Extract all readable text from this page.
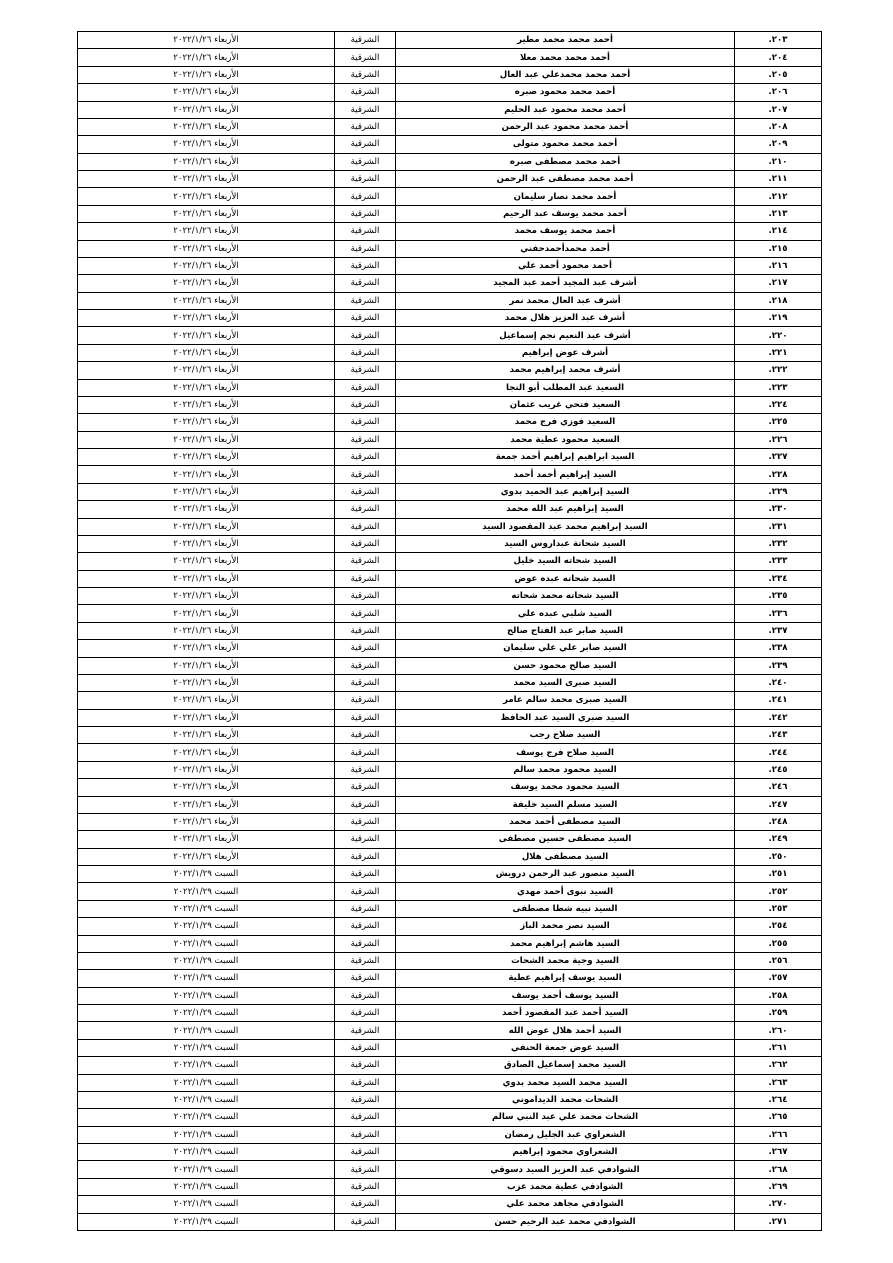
الأربعاء ٢٠٢٢/١/٢٦	الشرقية	أحمد محمد محمد مطير	.٢٠٣
الأربعاء ٢٠٢٢/١/٢٦	الشرقية	أحمد محمد محمد معلا	.٢٠٤
الأربعاء ٢٠٢٢/١/٢٦	الشرقية	أحمد محمد محمدعلي عبد العال	.٢٠٥
الأربعاء ٢٠٢٢/١/٢٦	الشرقية	أحمد محمد محمود صبره	.٢٠٦
الأربعاء ٢٠٢٢/١/٢٦	الشرقية	أحمد محمد محمود عبد الحليم	.٢٠٧
الأربعاء ٢٠٢٢/١/٢٦	الشرقية	أحمد محمد محمود عبد الرحمن	.٢٠٨
الأربعاء ٢٠٢٢/١/٢٦	الشرقية	أحمد محمد محمود متولى	.٢٠٩
الأربعاء ٢٠٢٢/١/٢٦	الشرقية	أحمد محمد مصطفى صبره	.٢١٠
الأربعاء ٢٠٢٢/١/٢٦	الشرقية	أحمد محمد مصطفى عبد الرحمن	.٢١١
الأربعاء ٢٠٢٢/١/٢٦	الشرقية	أحمد محمد نصار سليمان	.٢١٢
الأربعاء ٢٠٢٢/١/٢٦	الشرقية	أحمد محمد يوسف عبد الرحيم	.٢١٣
الأربعاء ٢٠٢٢/١/٢٦	الشرقية	أحمد محمد يوسف محمد	.٢١٤
الأربعاء ٢٠٢٢/١/٢٦	الشرقية	أحمد محمدأحمدحفني	.٢١٥
الأربعاء ٢٠٢٢/١/٢٦	الشرقية	أحمد محمود أحمد علي	.٢١٦
الأربعاء ٢٠٢٢/١/٢٦	الشرقية	أشرف عبد المجيد أحمد عبد المجيد	.٢١٧
الأربعاء ٢٠٢٢/١/٢٦	الشرقية	أشرف عبد العال محمد نمر	.٢١٨
الأربعاء ٢٠٢٢/١/٢٦	الشرقية	أشرف عبد العزيز هلال محمد	.٢١٩
الأربعاء ٢٠٢٢/١/٢٦	الشرقية	أشرف عبد النعيم نجم إسماعيل	.٢٢٠
الأربعاء ٢٠٢٢/١/٢٦	الشرقية	أشرف عوض إبراهيم	.٢٢١
الأربعاء ٢٠٢٢/١/٢٦	الشرقية	أشرف محمد إبراهيم محمد	.٢٢٢
الأربعاء ٢٠٢٢/١/٢٦	الشرقية	السعيد عبد المطلب أبو النجا	.٢٢٣
الأربعاء ٢٠٢٢/١/٢٦	الشرقية	السعيد فتحي غريب عثمان	.٢٢٤
الأربعاء ٢٠٢٢/١/٢٦	الشرقية	السعيد فوزي فرج محمد	.٢٢٥
الأربعاء ٢٠٢٢/١/٢٦	الشرقية	السعيد محمود عطية محمد	.٢٢٦
الأربعاء ٢٠٢٢/١/٢٦	الشرقية	السيد ابراهيم إبراهيم أحمد جمعة	.٢٢٧
الأربعاء ٢٠٢٢/١/٢٦	الشرقية	السيد إبراهيم أحمد أحمد	.٢٢٨
الأربعاء ٢٠٢٢/١/٢٦	الشرقية	السيد إبراهيم عبد الحميد بدوي	.٢٢٩
الأربعاء ٢٠٢٢/١/٢٦	الشرقية	السيد إبراهيم عبد الله محمد	.٢٣٠
الأربعاء ٢٠٢٢/١/٢٦	الشرقية	السيد إبراهيم محمد عبد المقصود السيد	.٢٣١
الأربعاء ٢٠٢٢/١/٢٦	الشرقية	السيد شحاتة عبداروس السيد	.٢٣٢
الأربعاء ٢٠٢٢/١/٢٦	الشرقية	السيد شحاته السيد خليل	.٢٣٣
الأربعاء ٢٠٢٢/١/٢٦	الشرقية	السيد شحاته عبده عوض	.٢٣٤
الأربعاء ٢٠٢٢/١/٢٦	الشرقية	السيد شحاته محمد شحاته	.٢٣٥
الأربعاء ٢٠٢٢/١/٢٦	الشرقية	السيد شلبي عبده علي	.٢٣٦
الأربعاء ٢٠٢٢/١/٢٦	الشرقية	السيد صابر عبد الفتاح صالح	.٢٣٧
الأربعاء ٢٠٢٢/١/٢٦	الشرقية	السيد صابر علي علي سليمان	.٢٣٨
الأربعاء ٢٠٢٢/١/٢٦	الشرقية	السيد صالح محمود حسن	.٢٣٩
الأربعاء ٢٠٢٢/١/٢٦	الشرقية	السيد صبرى السيد محمد	.٢٤٠
الأربعاء ٢٠٢٢/١/٢٦	الشرقية	السيد صبرى محمد سالم عامر	.٢٤١
الأربعاء ٢٠٢٢/١/٢٦	الشرقية	السيد صبري السيد عبد الحافظ	.٢٤٢
الأربعاء ٢٠٢٢/١/٢٦	الشرقية	السيد صلاح رجب	.٢٤٣
الأربعاء ٢٠٢٢/١/٢٦	الشرقية	السيد صلاح فرج يوسف	.٢٤٤
الأربعاء ٢٠٢٢/١/٢٦	الشرقية	السيد محمود محمد سالم	.٢٤٥
الأربعاء ٢٠٢٢/١/٢٦	الشرقية	السيد محمود محمد يوسف	.٢٤٦
الأربعاء ٢٠٢٢/١/٢٦	الشرقية	السيد مسلم السيد خليفة	.٢٤٧
الأربعاء ٢٠٢٢/١/٢٦	الشرقية	السيد مصطفى أحمد محمد	.٢٤٨
الأربعاء ٢٠٢٢/١/٢٦	الشرقية	السيد مصطفى حسين مصطفى	.٢٤٩
الأربعاء ٢٠٢٢/١/٢٦	الشرقية	السيد مصطفى هلال	.٢٥٠
السبت ٢٠٢٢/١/٢٩	الشرقية	السيد منصور عبد الرحمن درويش	.٢٥١
السبت ٢٠٢٢/١/٢٩	الشرقية	السيد نبوى أحمد مهدي	.٢٥٢
السبت ٢٠٢٢/١/٢٩	الشرقية	السيد نبيه شطا مصطفى	.٢٥٣
السبت ٢٠٢٢/١/٢٩	الشرقية	السيد نصر محمد الباز	.٢٥٤
السبت ٢٠٢٢/١/٢٩	الشرقية	السيد هاشم إبراهيم محمد	.٢٥٥
السبت ٢٠٢٢/١/٢٩	الشرقية	السيد وجية محمد الشحات	.٢٥٦
السبت ٢٠٢٢/١/٢٩	الشرقية	السيد يوسف إبراهيم عطية	.٢٥٧
السبت ٢٠٢٢/١/٢٩	الشرقية	السيد يوسف أحمد يوسف	.٢٥٨
السبت ٢٠٢٢/١/٢٩	الشرقية	السيد أحمد عبد المقصود أحمد	.٢٥٩
السبت ٢٠٢٢/١/٢٩	الشرقية	السيد أحمد هلال عوض الله	.٢٦٠
السبت ٢٠٢٢/١/٢٩	الشرقية	السيد عوض جمعة الحنفي	.٢٦١
السبت ٢٠٢٢/١/٢٩	الشرقية	السيد محمد إسماعيل الصادق	.٢٦٢
السبت ٢٠٢٢/١/٢٩	الشرقية	السيد محمد السيد محمد بدوي	.٢٦٣
السبت ٢٠٢٢/١/٢٩	الشرقية	الشحات محمد الديداموني	.٢٦٤
السبت ٢٠٢٢/١/٢٩	الشرقية	الشحات محمد علي عبد النبي سالم	.٢٦٥
السبت ٢٠٢٢/١/٢٩	الشرقية	الشعراوي عبد الجليل رمضان	.٢٦٦
السبت ٢٠٢٢/١/٢٩	الشرقية	الشعراوي محمود إبراهيم	.٢٦٧
السبت ٢٠٢٢/١/٢٩	الشرقية	الشوادفي عبد العزيز السيد دسوقي	.٢٦٨
السبت ٢٠٢٢/١/٢٩	الشرقية	الشوادفي عطية محمد عزب	.٢٦٩
السبت ٢٠٢٢/١/٢٩	الشرقية	الشوادفي مجاهد محمد علي	.٢٧٠
السبت ٢٠٢٢/١/٢٩	الشرقية	الشوادفي محمد عبد الرحيم حسن	.٢٧١
